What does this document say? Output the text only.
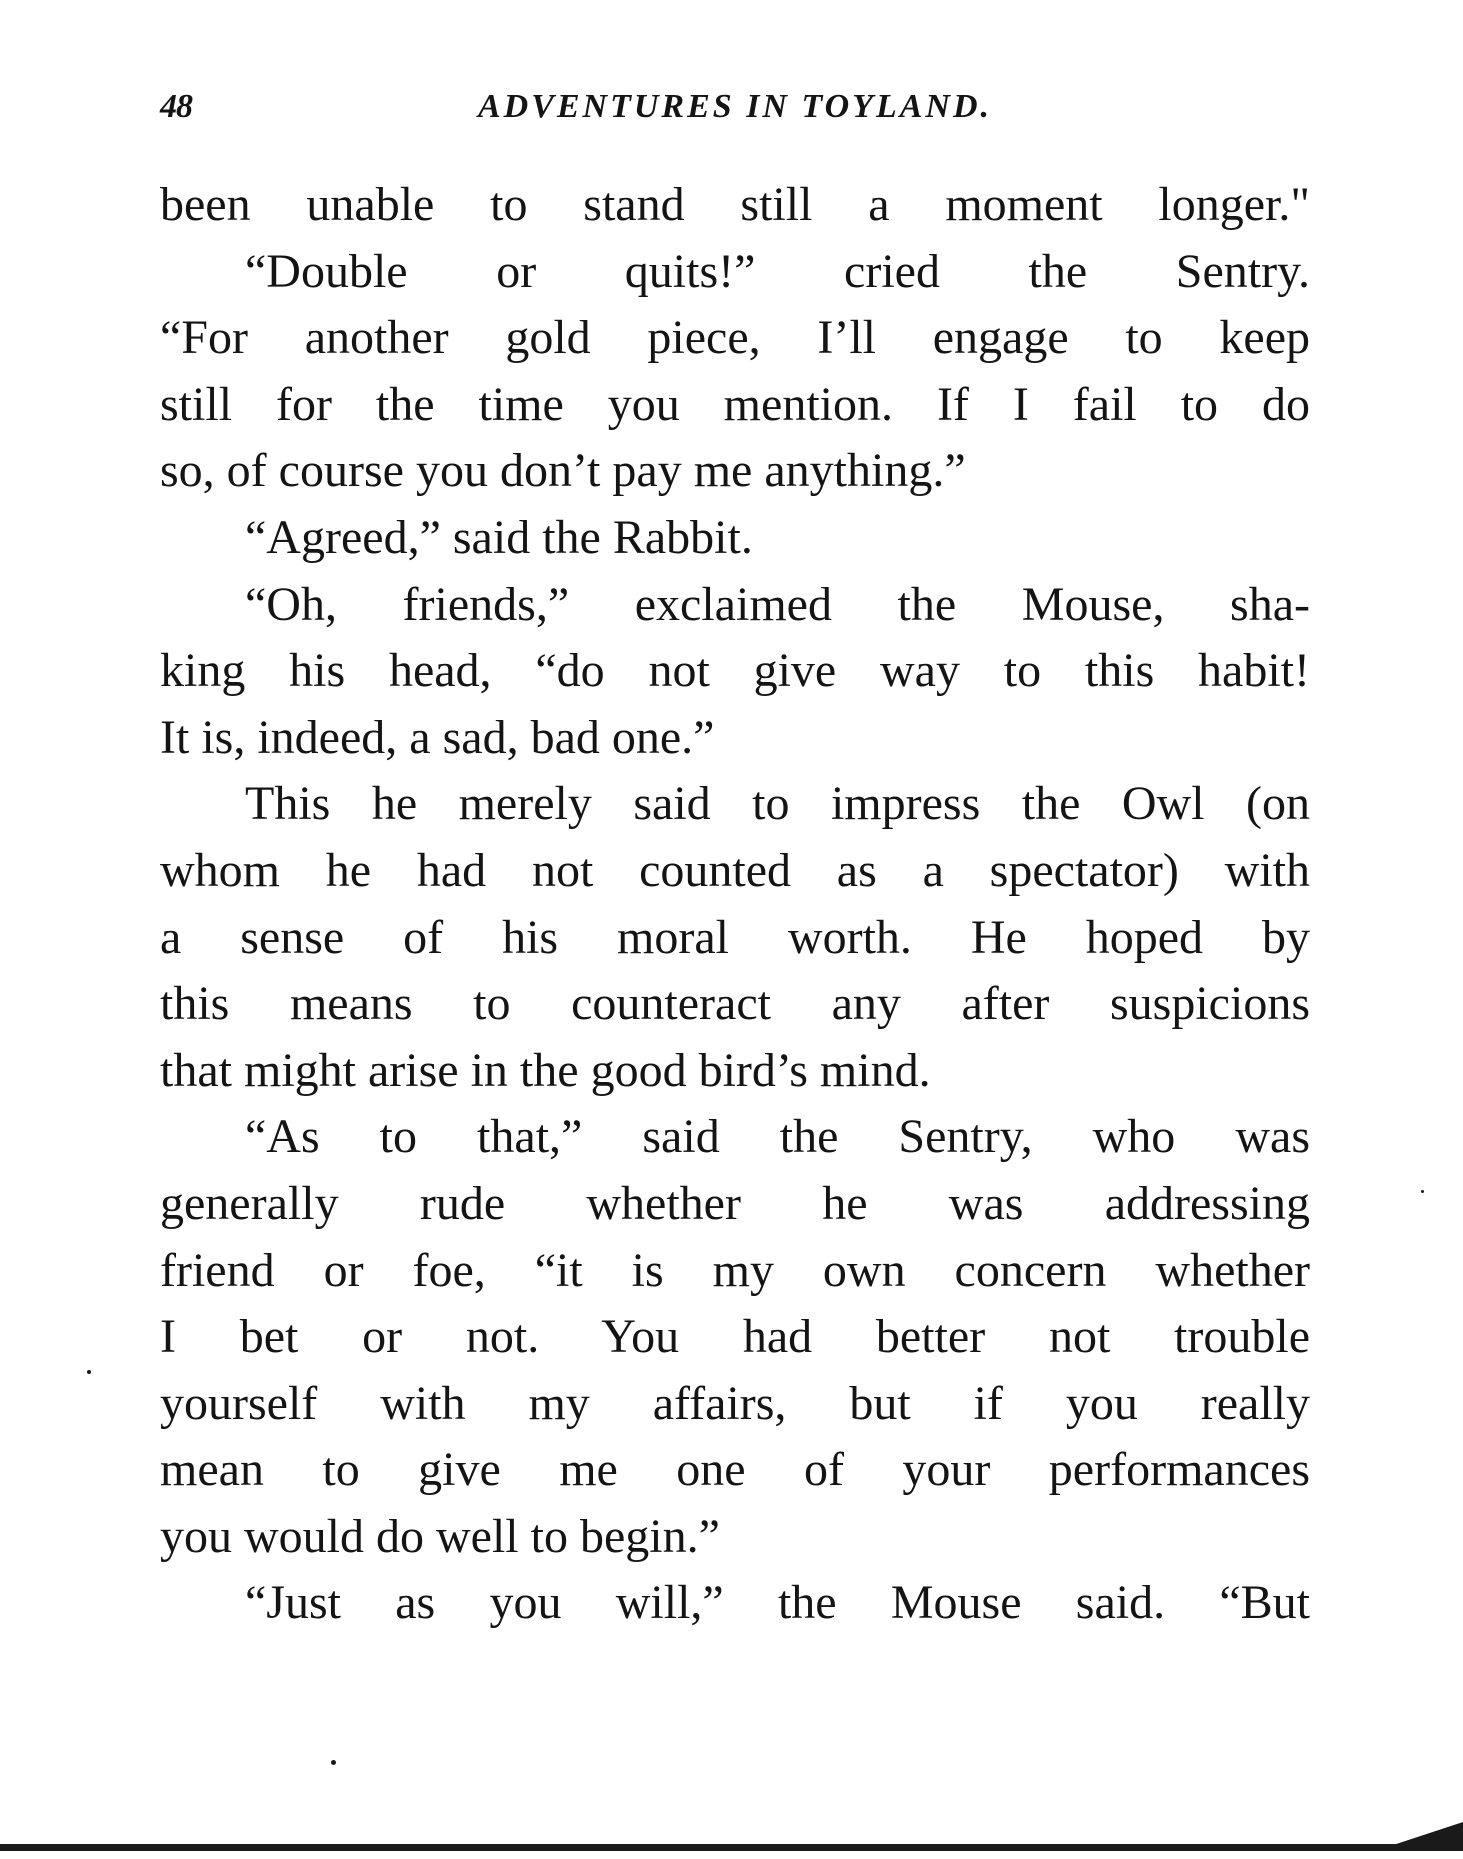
48	ADVENTURES IN TOYLAND.
been unable to stand still a moment longer."
“Double or quits!” cried the Sentry.
“For another gold piece, I’ll engage to keep
still for the time you mention. If I fail to do
so, of course you don’t pay me anything.”
“Agreed,” said the Rabbit.
“Oh, friends,” exclaimed the Mouse, sha-
king his head, “do not give way to this habit!
It is, indeed, a sad, bad one.”
This he merely said to impress the Owl (on
whom he had not counted as a spectator) with
a sense of his moral worth. He hoped by
this means to counteract any after suspicions
that might arise in the good bird’s mind.
“As to that,” said the Sentry, who was
generally rude whether he was addressing
friend or foe, “it is my own concern whether
I bet or not. You had better not trouble
yourself with my affairs, but if you really
mean to give me one of your performances
you would do well to begin.”
“Just as you will,” the Mouse said. “But
